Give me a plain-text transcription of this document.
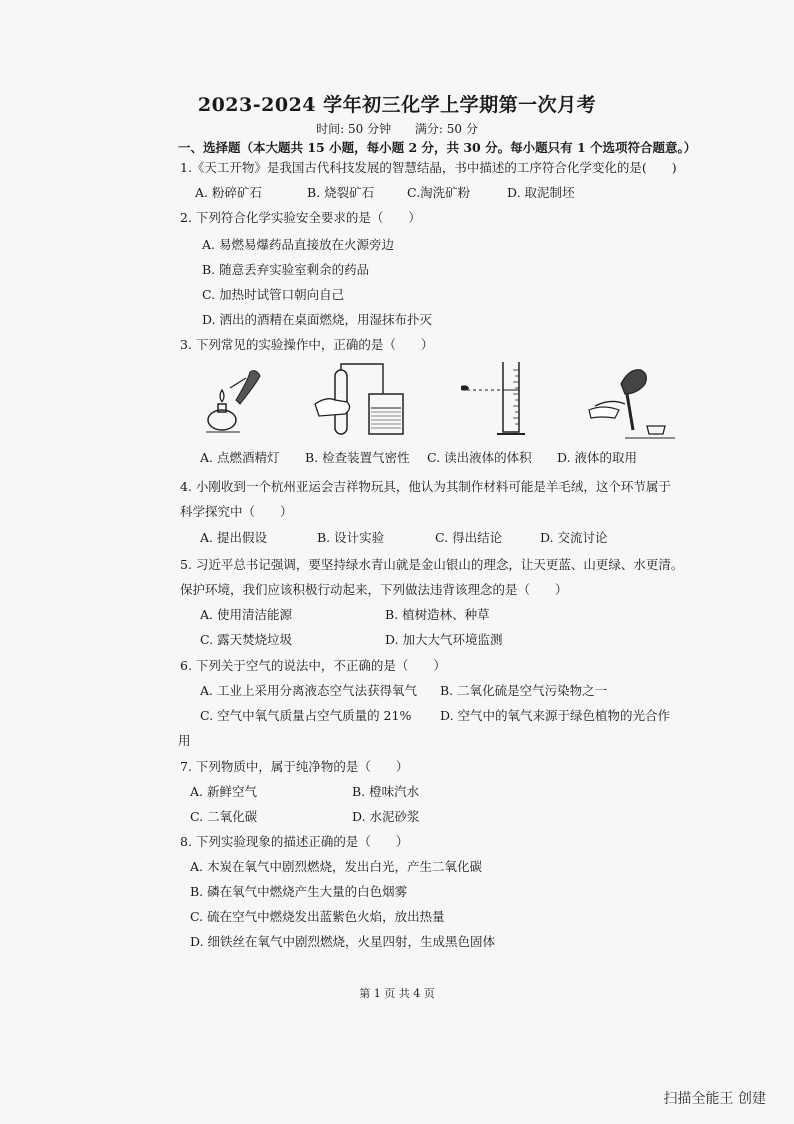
2023-2024 学年初三化学上学期第一次月考
时间: 50 分钟 满分: 50 分
一、选择题（本大题共 15 小题，每小题 2 分，共 30 分。每小题只有 1 个选项符合题意。）
1.《天工开物》是我国古代科技发展的智慧结晶，书中描述的工序符合化学变化的是(　　)
A. 粉碎矿石	B. 烧裂矿石	C.淘洗矿粉	D. 取泥制坯
2. 下列符合化学实验安全要求的是（　　）
A. 易燃易爆药品直接放在火源旁边
B. 随意丢弃实验室剩余的药品
C. 加热时试管口朝向自己
D. 洒出的酒精在桌面燃烧，用湿抹布扑灭
3. 下列常见的实验操作中，正确的是（　　）
A. 点燃酒精灯 B. 检查装置气密性 C. 读出液体的体积 D. 液体的取用
4. 小刚收到一个杭州亚运会吉祥物玩具，他认为其制作材料可能是羊毛绒，这个环节属于
科学探究中（　　）
A. 提出假设	B. 设计实验	C. 得出结论	D. 交流讨论
5. 习近平总书记强调，要坚持绿水青山就是金山银山的理念，让天更蓝、山更绿、水更清。
保护环境，我们应该积极行动起来，下列做法违背该理念的是（　　）
A. 使用清洁能源	B. 植树造林、种草
C. 露天焚烧垃圾	D. 加大大气环境监测
6. 下列关于空气的说法中，不正确的是（　　）
A. 工业上采用分离液态空气法获得氧气 B. 二氧化硫是空气污染物之一
C. 空气中氧气质量占空气质量的 21% D. 空气中的氧气来源于绿色植物的光合作
用
7. 下列物质中，属于纯净物的是（　　）
A. 新鲜空气	B. 橙味汽水
C. 二氧化碳	D. 水泥砂浆
8. 下列实验现象的描述正确的是（　　）
A. 木炭在氧气中剧烈燃烧，发出白光，产生二氧化碳
B. 磷在氧气中燃烧产生大量的白色烟雾
C. 硫在空气中燃烧发出蓝紫色火焰，放出热量
D. 细铁丝在氧气中剧烈燃烧，火星四射，生成黑色固体
第 1 页 共 4 页
扫描全能王 创建
